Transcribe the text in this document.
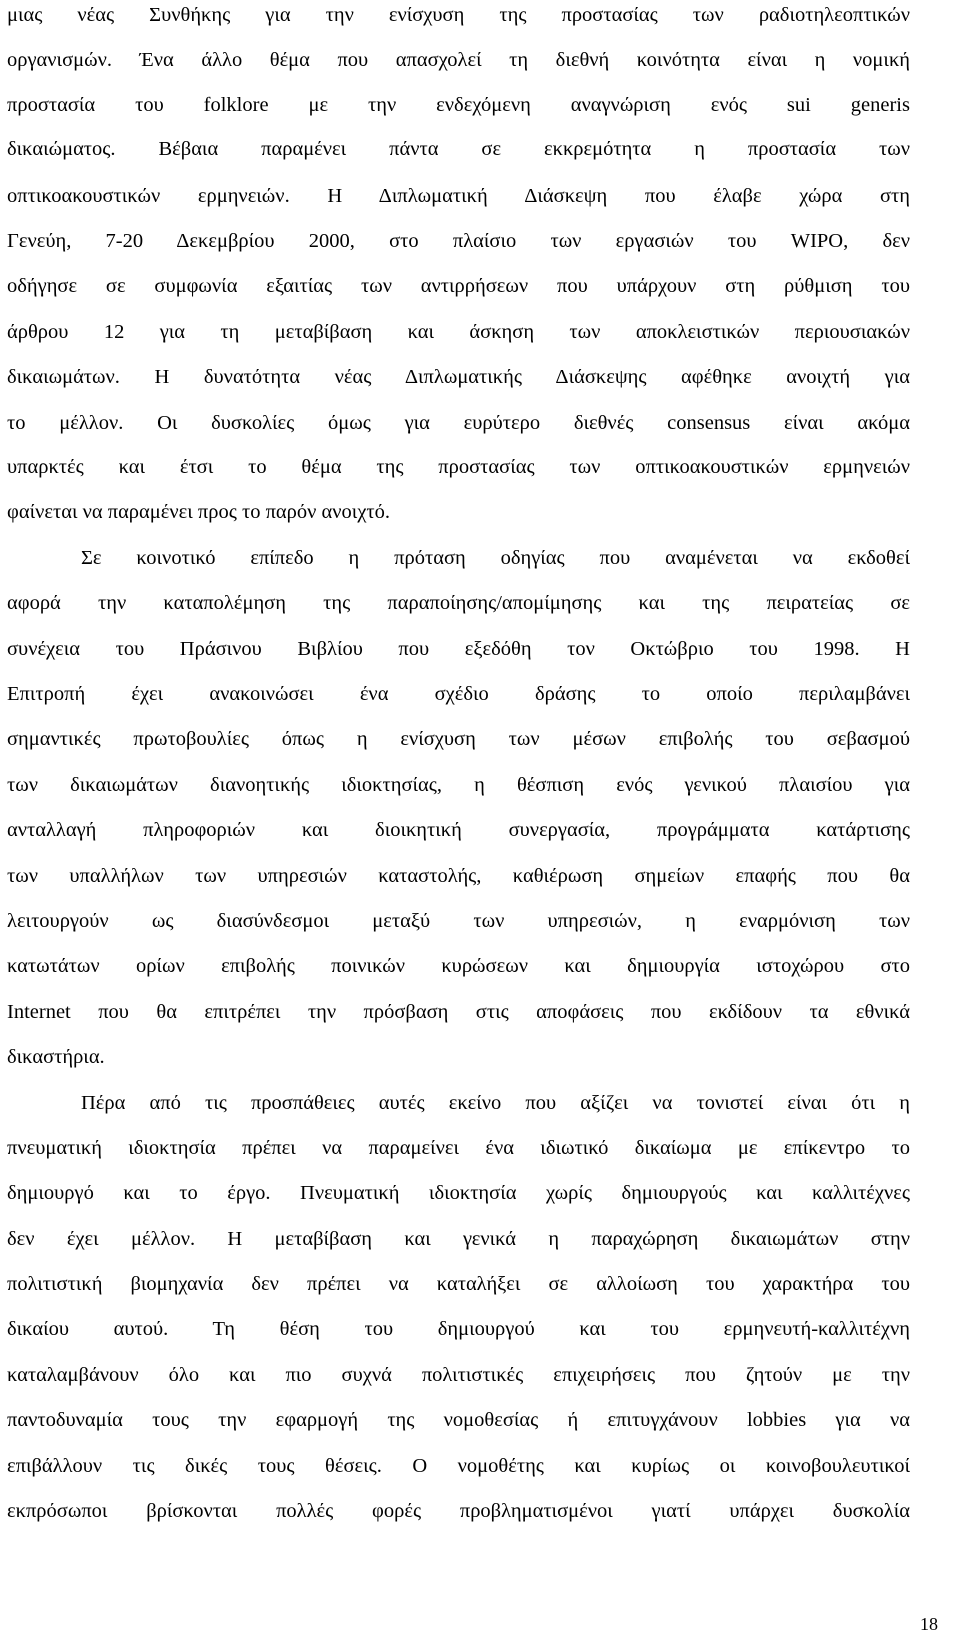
μιας νέας Συνθήκης για την ενίσχυση της προστασίας των ραδιοτηλεοπτικών
οργανισμών. Ένα άλλο θέμα που απασχολεί τη διεθνή κοινότητα είναι η νομική
προστασία του folklore με την ενδεχόμενη αναγνώριση ενός sui generis
δικαιώματος. Βέβαια παραμένει πάντα σε εκκρεμότητα η προστασία των
οπτικοακουστικών ερμηνειών. Η Διπλωματική Διάσκεψη που έλαβε χώρα στη
Γενεύη, 7-20 Δεκεμβρίου 2000, στο πλαίσιο των εργασιών του WIPO, δεν
οδήγησε σε συμφωνία εξαιτίας των αντιρρήσεων που υπάρχουν στη ρύθμιση του
άρθρου 12 για τη μεταβίβαση και άσκηση των αποκλειστικών περιουσιακών
δικαιωμάτων. Η δυνατότητα νέας Διπλωματικής Διάσκεψης αφέθηκε ανοιχτή για
το μέλλον. Οι δυσκολίες όμως για ευρύτερο διεθνές consensus είναι ακόμα
υπαρκτές και έτσι το θέμα της προστασίας των οπτικοακουστικών ερμηνειών
φαίνεται να παραμένει προς το παρόν ανοιχτό.
Σε κοινοτικό επίπεδο η πρόταση οδηγίας που αναμένεται να εκδοθεί
αφορά την καταπολέμηση της παραποίησης/απομίμησης και της πειρατείας σε
συνέχεια του Πράσινου Βιβλίου που εξεδόθη τον Οκτώβριο του 1998. Η
Επιτροπή έχει ανακοινώσει ένα σχέδιο δράσης το οποίο περιλαμβάνει
σημαντικές πρωτοβουλίες όπως η ενίσχυση των μέσων επιβολής του σεβασμού
των δικαιωμάτων διανοητικής ιδιοκτησίας, η θέσπιση ενός γενικού πλαισίου για
ανταλλαγή πληροφοριών και διοικητική συνεργασία, προγράμματα κατάρτισης
των υπαλλήλων των υπηρεσιών καταστολής, καθιέρωση σημείων επαφής που θα
λειτουργούν ως διασύνδεσμοι μεταξύ των υπηρεσιών, η εναρμόνιση των
κατωτάτων ορίων επιβολής ποινικών κυρώσεων και δημιουργία ιστοχώρου στο
Internet που θα επιτρέπει την πρόσβαση στις αποφάσεις που εκδίδουν τα εθνικά
δικαστήρια.
Πέρα από τις προσπάθειες αυτές εκείνο που αξίζει να τονιστεί είναι ότι η
πνευματική ιδιοκτησία πρέπει να παραμείνει ένα ιδιωτικό δικαίωμα με επίκεντρο το
δημιουργό και το έργο. Πνευματική ιδιοκτησία χωρίς δημιουργούς και καλλιτέχνες
δεν έχει μέλλον. Η μεταβίβαση και γενικά η παραχώρηση δικαιωμάτων στην
πολιτιστική βιομηχανία δεν πρέπει να καταλήξει σε αλλοίωση του χαρακτήρα του
δικαίου αυτού. Τη θέση του δημιουργού και του ερμηνευτή-καλλιτέχνη
καταλαμβάνουν όλο και πιο συχνά πολιτιστικές επιχειρήσεις που ζητούν με την
παντοδυναμία τους την εφαρμογή της νομοθεσίας ή επιτυγχάνουν lobbies για να
επιβάλλουν τις δικές τους θέσεις. Ο νομοθέτης και κυρίως οι κοινοβουλευτικοί
εκπρόσωποι βρίσκονται πολλές φορές προβληματισμένοι γιατί υπάρχει δυσκολία
18
